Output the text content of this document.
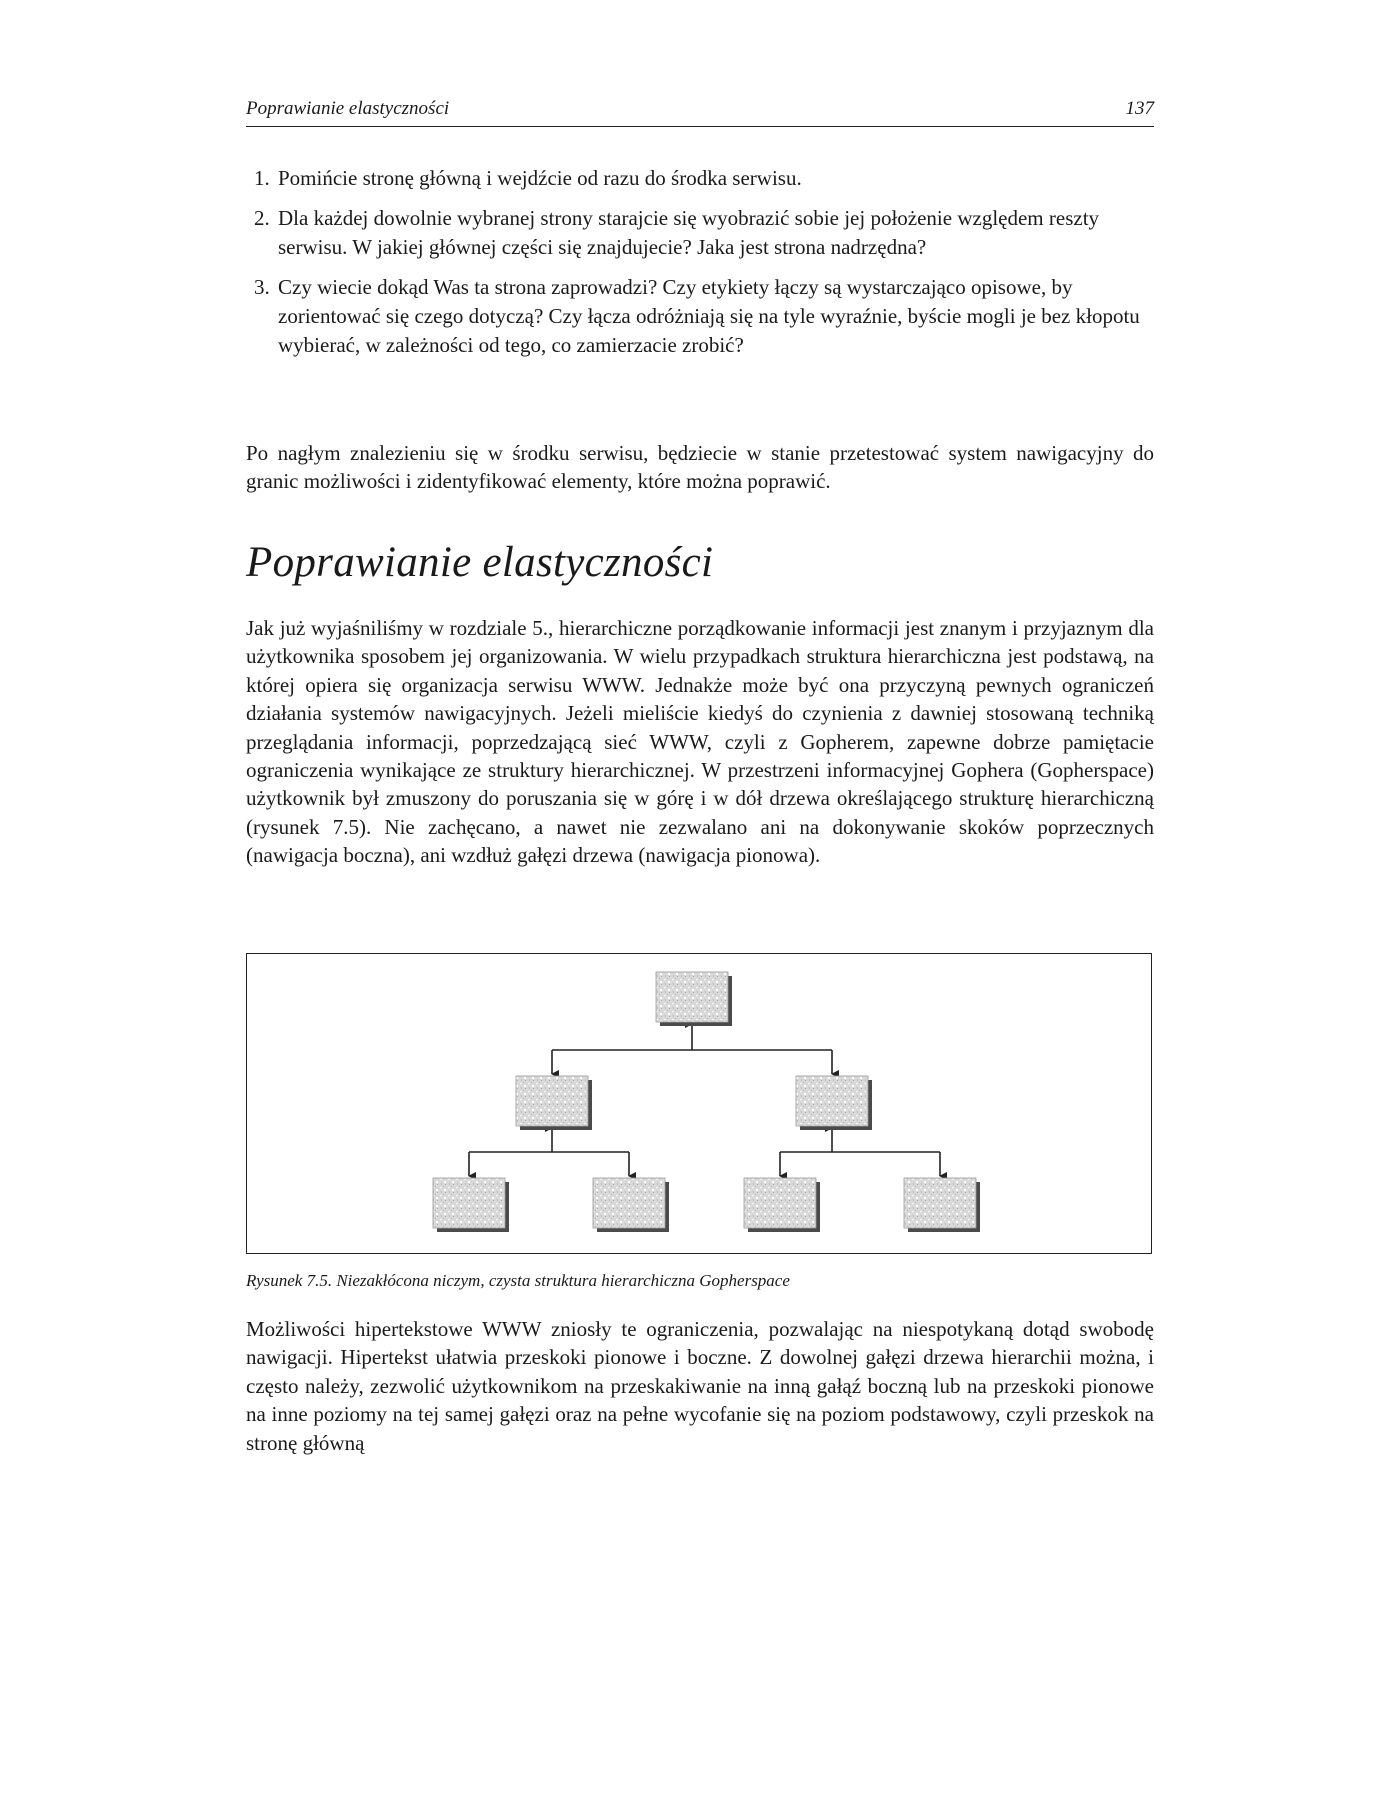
Poprawianie elastyczności	137
1. Pomińcie stronę główną i wejdźcie od razu do środka serwisu.
2. Dla każdej dowolnie wybranej strony starajcie się wyobrazić sobie jej położenie względem reszty serwisu. W jakiej głównej części się znajdujecie? Jaka jest strona nadrzędna?
3. Czy wiecie dokąd Was ta strona zaprowadzi? Czy etykiety łączy są wystarczająco opisowe, by zorientować się czego dotyczą? Czy łącza odróżniają się na tyle wyraźnie, byście mogli je bez kłopotu wybierać, w zależności od tego, co zamierzacie zrobić?

Po nagłym znalezieniu się w środku serwisu, będziecie w stanie przetestować system nawigacyjny do granic możliwości i zidentyfikować elementy, które można poprawić.

Poprawianie elastyczności

Jak już wyjaśniliśmy w rozdziale 5., hierarchiczne porządkowanie informacji jest znanym i przyjaznym dla użytkownika sposobem jej organizowania. W wielu przypadkach struktura hierarchiczna jest podstawą, na której opiera się organizacja serwisu WWW. Jednakże może być ona przyczyną pewnych ograniczeń działania systemów nawigacyjnych. Jeżeli mieliście kiedyś do czynienia z dawniej stosowaną techniką przeglądania informacji, poprzedzającą sieć WWW, czyli z Gopherem, zapewne dobrze pamiętacie ograniczenia wynikające ze struktury hierarchicznej. W przestrzeni informacyjnej Gophera (Gopherspace) użytkownik był zmuszony do poruszania się w górę i w dół drzewa określającego strukturę hierarchiczną (rysunek 7.5). Nie zachęcano, a nawet nie zezwalano ani na dokonywanie skoków poprzecznych (nawigacja boczna), ani wzdłuż gałęzi drzewa (nawigacja pionowa).

Rysunek 7.5. Niezakłócona niczym, czysta struktura hierarchiczna Gopherspace

Możliwości hipertekstowe WWW zniosły te ograniczenia, pozwalając na niespotykaną dotąd swobodę nawigacji. Hipertekst ułatwia przeskoki pionowe i boczne. Z dowolnej gałęzi drzewa hierarchii można, i często należy, zezwolić użytkownikom na przeskakiwanie na inną gałąź boczną lub na przeskoki pionowe na inne poziomy na tej samej gałęzi oraz na pełne wycofanie się na poziom podstawowy, czyli przeskok na stronę główną
